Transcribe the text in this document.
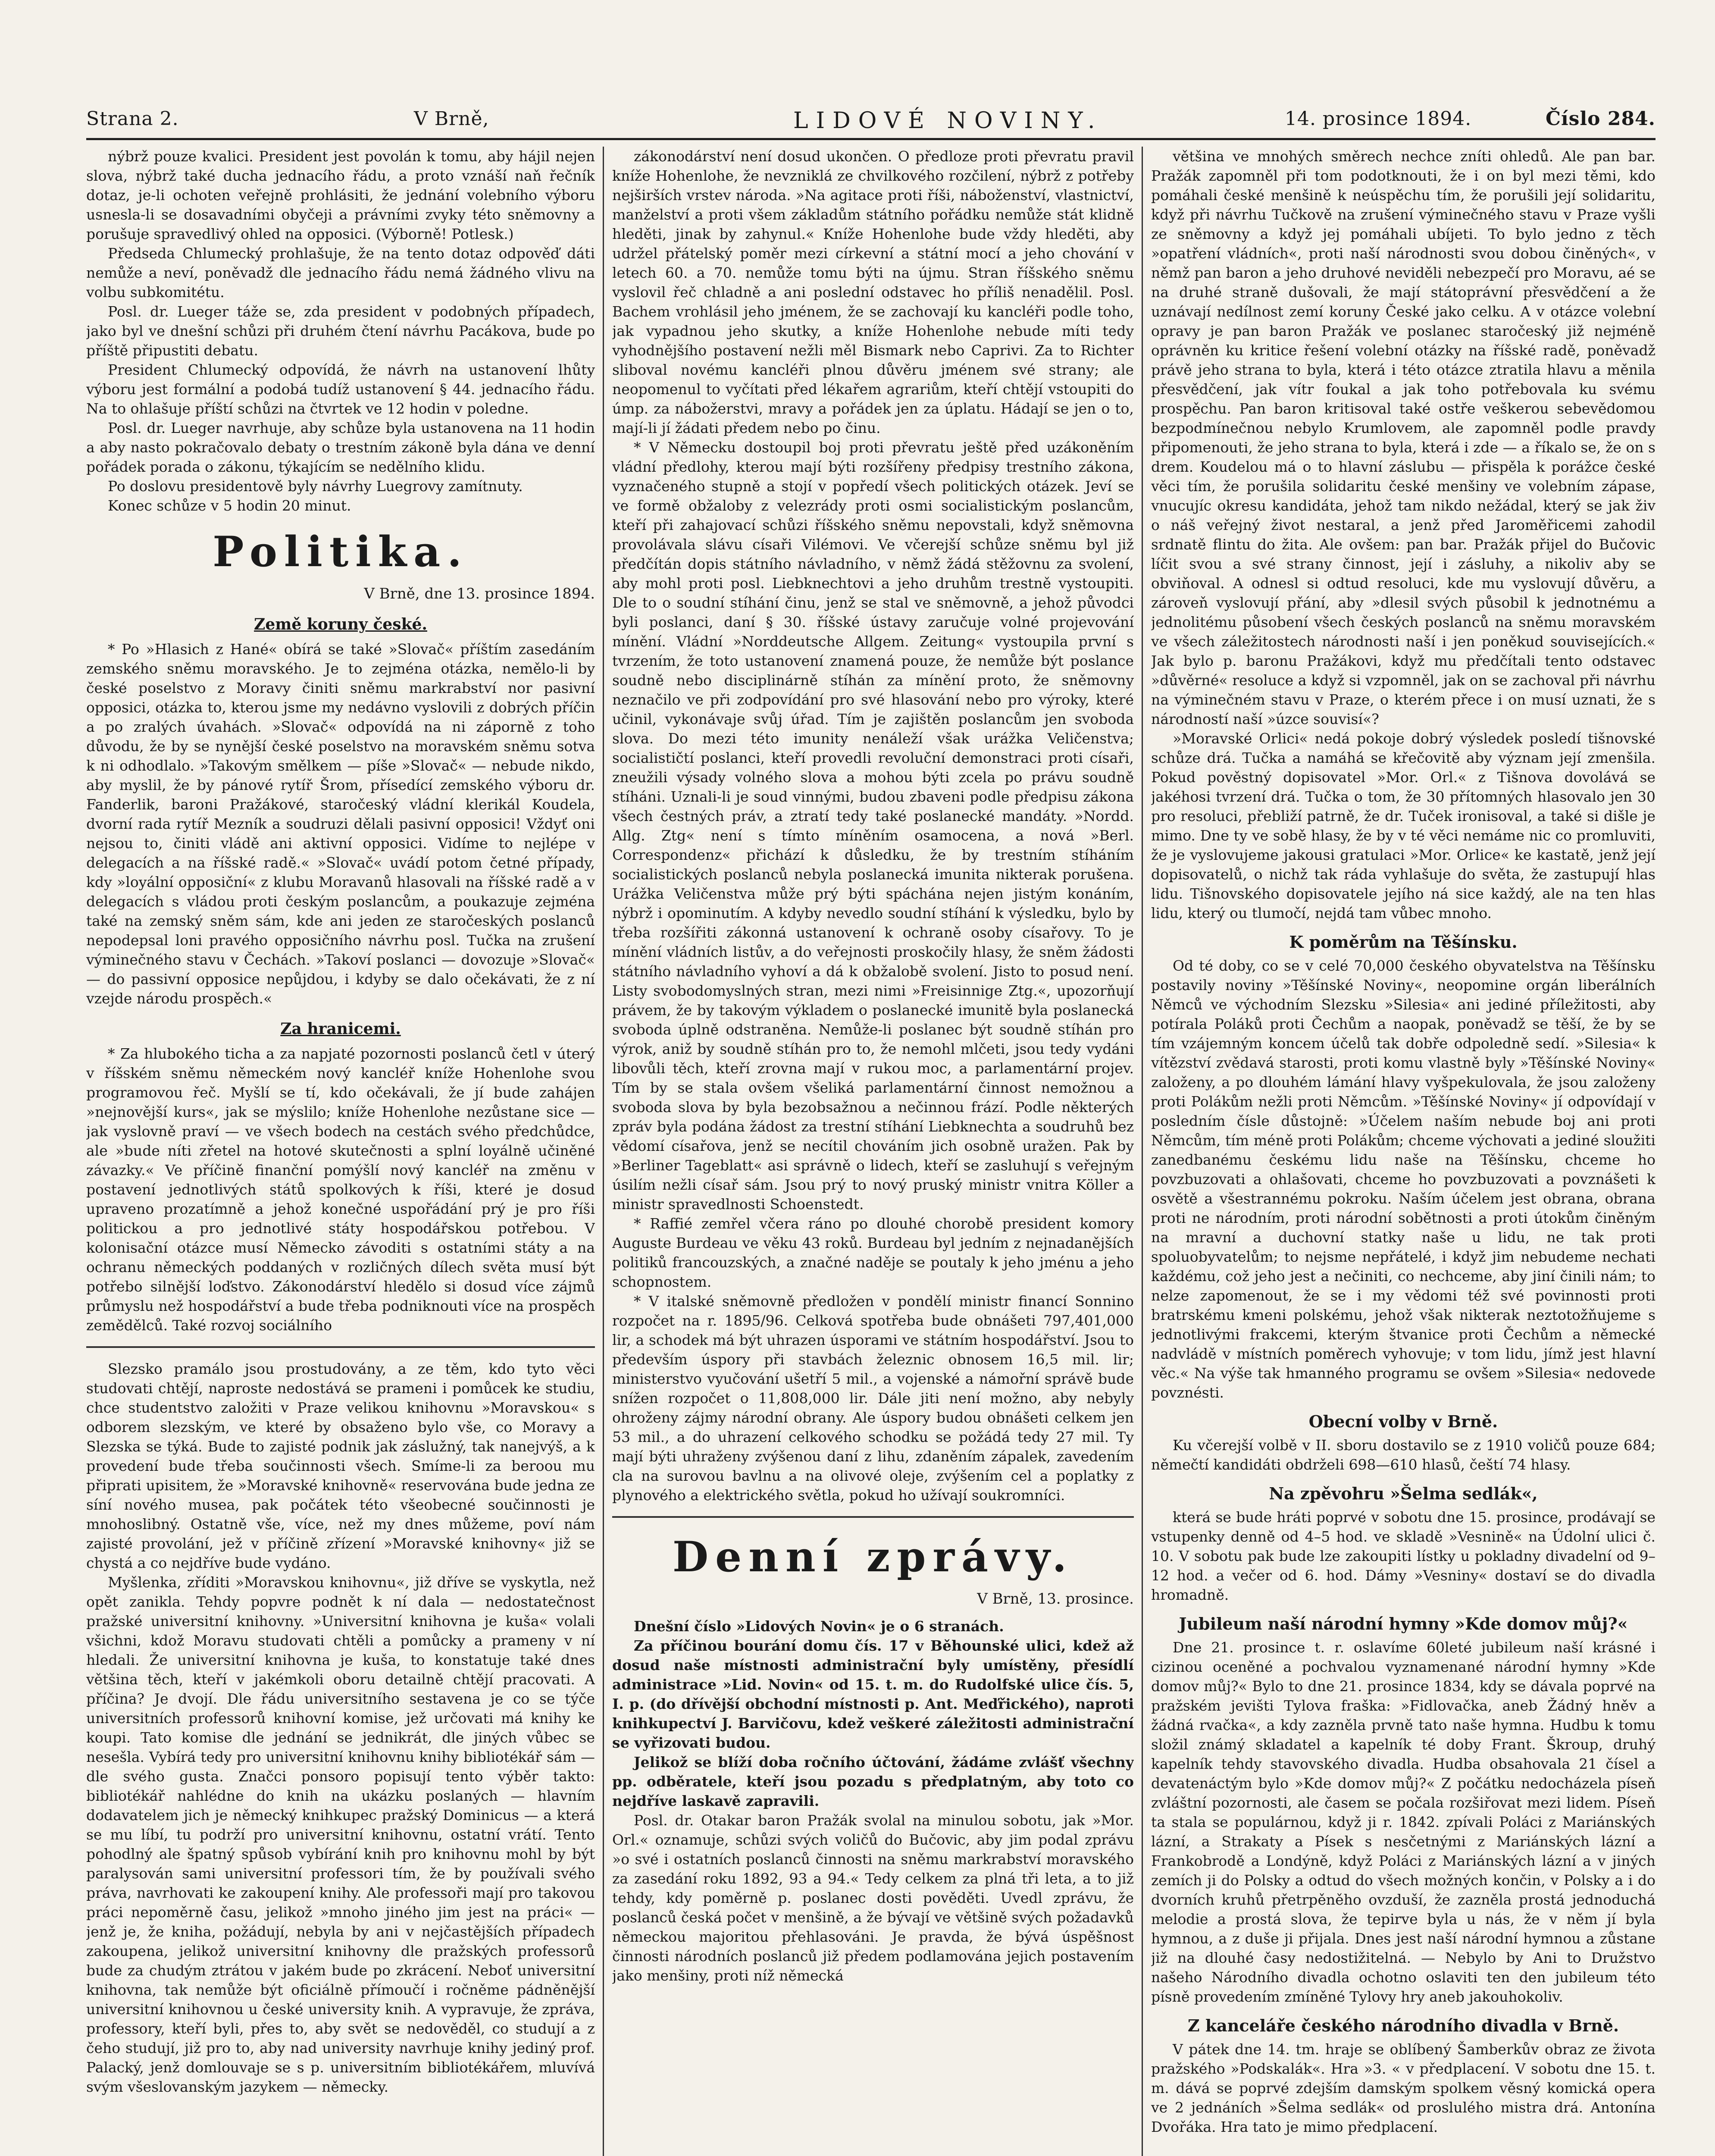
Strana 2.	V Brně,	LIDOVÉ NOVINY.	14. prosince 1894.	Číslo 284.

nýbrž pouze kvalici. President jest povolán k tomu, aby hájil nejen slova, nýbrž také ducha jednacího řádu, a proto vznáší naň řečník dotaz, je-li ochoten veřejně prohlásiti, že jednání volebního výboru usnesla-li se dosavadními obyčeji a právními zvyky této sněmovny a porušuje spravedlivý ohled na opposici. (Výborně! Potlesk.)

Předseda Chlumecký prohlašuje, že na tento dotaz odpověď dáti nemůže a neví, poněvadž dle jednacího řádu nemá žádného vlivu na volbu subkomitétu.

Posl. dr. Lueger táže se, zda president v podobných případech, jako byl ve dnešní schůzi při druhém čtení návrhu Pacákova, bude po příště připustiti debatu.

President Chlumecký odpovídá, že návrh na ustanovení lhůty výboru jest formální a podobá tudíž ustanovení § 44. jednacího řádu. Na to ohlašuje příští schůzi na čtvrtek ve 12 hodin v poledne.

Posl. dr. Lueger navrhuje, aby schůze byla ustanovena na 11 hodin a aby nasto pokračovalo debaty o trestním zákoně byla dána ve denní pořádek porada o zákonu, týkajícím se nedělního klidu.

Po doslovu presidentově byly návrhy Luegrovy zamítnuty.

Konec schůze v 5 hodin 20 minut.

Politika.
V Brně, dne 13. prosince 1894.
Země koruny české.

* Po »Hlasich z Hané« obírá se také »Slovač« příštím zasedáním zemského sněmu moravského. Je to zejména otázka, nemělo-li by české poselstvo z Moravy činiti sněmu markrabství nor pasivní opposici, otázka to, kterou jsme my nedávno vyslovili z dobrých příčin a po zralých úvahách. »Slovač« odpovídá na ni záporně z toho důvodu, že by se nynější české poselstvo na moravském sněmu sotva k ni odhodlalo. »Takovým smělkem — píše »Slovač« — nebude nikdo, aby myslil, že by pánové rytíř Šrom, přísedící zemského výboru dr. Fanderlik, baroni Pražákové, staročeský vládní klerikál Koudela, dvorní rada rytíř Mezník a soudruzi dělali pasivní opposici! Vždyť oni nejsou to, činiti vládě ani aktivní opposici. Vidíme to nejlépe v delegacích a na říšské radě.« »Slovač« uvádí potom četné případy, kdy »loyální opposiční« z klubu Moravanů hlasovali na říšské radě a v delegacích s vládou proti českým poslancům, a poukazuje zejména také na zemský sněm sám, kde ani jeden ze staročeských poslanců nepodepsal loni pravého opposičního návrhu posl. Tučka na zrušení výminečného stavu v Čechách. »Takoví poslanci — dovozuje »Slovač« — do passivní opposice nepůjdou, i kdyby se dalo očekávati, že z ní vzejde národu prospěch.«

Za hranicemi.

* Za hlubokého ticha a za napjaté pozornosti poslanců četl v úterý v říšském sněmu německém nový kancléř kníže Hohenlohe svou programovou řeč. Myšlí se tí, kdo očekávali, že jí bude zahájen »nejnovější kurs«, jak se mýslilo; kníže Hohenlohe nezůstane sice — jak vyslovně praví — ve všech bodech na cestách svého předchůdce, ale »bude níti zřetel na hotové skutečnosti a splní loyálně učiněné závazky.« Ve příčině finanční pomýšlí nový kancléř na změnu v postavení jednotlivých států spolkových k říši, které je dosud upraveno prozatímně a jehož konečné uspořádání prý je pro říši politickou a pro jednotlivé státy hospodářskou potřebou. V kolonisační otázce musí Německo závoditi s ostatními státy a na ochranu německých poddaných v rozličných dílech světa musí být potřebo silnější loďstvo. Zákonodárství hledělo si dosud více zájmů průmyslu než hospodářství a bude třeba podniknouti více na prospěch zemědělců. Také rozvoj sociálního

Slezsko pramálo jsou prostudovány, a ze těm, kdo tyto věci studovati chtějí, naproste nedostává se prameni i pomůcek ke studiu, chce studentstvo založiti v Praze velikou knihovnu »Moravskou« s odborem slezským, ve které by obsaženo bylo vše, co Moravy a Slezska se týká. Bude to zajisté podnik jak záslužný, tak nanejvýš, a k provedení bude třeba součinnosti všech. Smíme-li za beroou mu připrati upisitem, že »Moravské knihovně« reservována bude jedna ze síní nového musea, pak počátek této všeobecné součinnosti je mnohoslibný. Ostatně vše, více, než my dnes můžeme, poví nám zajisté provolání, jež v příčině zřízení »Moravské knihovny« již se chystá a co nejdříve bude vydáno.

Myšlenka, zříditi »Moravskou knihovnu«, již dříve se vyskytla, než opět zanikla. Tehdy popvre podnět k ní dala — nedostatečnost pražské universitní knihovny. »Universitní knihovna je kuša« volali všichni, kdož Moravu studovati chtěli a pomůcky a prameny v ní hledali. Že universitní knihovna je kuša, to konstatuje také dnes většina těch, kteří v jakémkoli oboru detailně chtějí pracovati. A příčina? Je dvojí. Dle řádu universitního sestavena je co se týče universitních professorů knihovní komise, jež určovati má knihy ke koupi. Tato komise dle jednání se jednikrát, dle jiných vůbec se nesešla. Vybírá tedy pro universitní knihovnu knihy bibliotékář sám — dle svého gusta. Značci ponsoro popisují tento výběr takto: bibliotékář nahlédne do knih na ukázku poslaných — hlavním dodavatelem jich je německý knihkupec pražský Dominicus — a která se mu líbí, tu podrží pro universitní knihovnu, ostatní vrátí. Tento pohodlný ale špatný spůsob vybírání knih pro knihovnu mohl by být paralysován sami universitní professori tím, že by používali svého práva, navrhovati ke zakoupení knihy. Ale professoři mají pro takovou práci nepoměrně času, jelikož »mnoho jiného jim jest na práci« — jenž je, že kniha, požádují, nebyla by ani v nejčastějších případech zakoupena, jelikož universitní knihovny dle pražských professorů bude za chudým ztrátou v jakém bude po zkrácení. Neboť universitní knihovna, tak nemůže být oficiálně přímoučí i ročněme pádněnější universitní knihovnou u české university knih. A vypravuje, že zpráva, professory, kteří byli, přes to, aby svět se nedověděl, co studují a z čeho studují, již pro to, aby nad university navrhuje knihy jediný prof. Palacký, jenž domlouvaje se s p. universitním bibliotékářem, mluvívá svým všeslovanským jazykem — německy.

zákonodárství není dosud ukončen. O předloze proti převratu pravil kníže Hohenlohe, že nevzniklá ze chvilkového rozčilení, nýbrž z potřeby nejširších vrstev národa. »Na agitace proti říši, náboženství, vlastnictví, manželství a proti všem základům státního pořádku nemůže stát klidně hleděti, jinak by zahynul.« Kníže Hohenlohe bude vždy hleděti, aby udržel přátelský poměr mezi církevní a státní mocí a jeho chování v letech 60. a 70. nemůže tomu býti na újmu. Stran říšského sněmu vyslovil řeč chladně a ani poslední odstavec ho příliš nenadělil. Posl. Bachem vrohlásil jeho jménem, že se zachovají ku kancléři podle toho, jak vypadnou jeho skutky, a kníže Hohenlohe nebude míti tedy vyhodnějšího postavení nežli měl Bismark nebo Caprivi. Za to Richter sliboval novému kancléři plnou důvěru jménem své strany; ale neopomenul to vyčítati před lékařem agrariům, kteří chtějí vstoupiti do úmp. za nábožerstvi, mravy a pořádek jen za úplatu. Hádají se jen o to, mají-li jí žádati předem nebo po činu.

* V Německu dostoupil boj proti převratu ještě před uzákoněním vládní předlohy, kterou mají býti rozšířeny předpisy trestního zákona, vyznačeného stupně a stojí v popředí všech politických otázek. Jeví se ve formě obžaloby z velezrády proti osmi socialistickým poslancům, kteří při zahajovací schůzi říšského sněmu nepovstali, když sněmovna provolávala slávu císaři Vilémovi. Ve včerejší schůze sněmu byl již předčítán dopis státního návladního, v němž žádá stěžovnu za svolení, aby mohl proti posl. Liebknechtovi a jeho druhům trestně vystoupiti. Dle to o soudní stíhání činu, jenž se stal ve sněmovně, a jehož původci byli poslanci, daní § 30. říšské ústavy zaručuje volné projevování mínění. Vládní »Norddeutsche Allgem. Zeitung« vystoupila první s tvrzením, že toto ustanovení znamená pouze, že nemůže být poslance soudně nebo disciplinárně stíhán za mínění proto, že sněmovny neznačilo ve při zodpovídání pro své hlasování nebo pro výroky, které učinil, vykonávaje svůj úřad. Tím je zajištěn poslancům jen svoboda slova. Do mezi této imunity nenáleží však urážka Veličenstva; socialističtí poslanci, kteří provedli revoluční demonstraci proti císaři, zneužili výsady volného slova a mohou býti zcela po právu soudně stíháni. Uznali-li je soud vinnými, budou zbaveni podle předpisu zákona všech čestných práv, a ztratí tedy také poslanecké mandáty. »Nordd. Allg. Ztg« není s tímto míněním osamocena, a nová »Berl. Correspondenz« přichází k důsledku, že by trestním stíháním socialistických poslanců nebyla poslanecká imunita nikterak porušena. Urážka Veličenstva může prý býti spáchána nejen jistým konáním, nýbrž i opominutím. A kdyby nevedlo soudní stíhání k výsledku, bylo by třeba rozšířiti zákonná ustanovení k ochraně osoby císařovy. To je mínění vládních listův, a do veřejnosti proskočily hlasy, že sněm žádosti státního návladního vyhoví a dá k obžalobě svolení. Jisto to posud není. Listy svobodomyslných stran, mezi nimi »Freisinnige Ztg.«, upozorňují právem, že by takovým výkladem o poslanecké imunitě byla poslanecká svoboda úplně odstraněna. Nemůže-li poslanec být soudně stíhán pro výrok, aniž by soudně stíhán pro to, že nemohl mlčeti, jsou tedy vydáni libovůli těch, kteří zrovna mají v rukou moc, a parlamentární projev. Tím by se stala ovšem všeliká parlamentární činnost nemožnou a svoboda slova by byla bezobsažnou a nečinnou frází. Podle některých zpráv byla podána žádost za trestní stíhání Liebknechta a soudruhů bez vědomí císařova, jenž se necítil chováním jich osobně uražen. Pak by »Berliner Tageblatt« asi správně o lidech, kteří se zasluhují s veřejným úsilím nežli císař sám. Jsou prý to nový pruský ministr vnitra Köller a ministr spravedlnosti Schoenstedt.

* Raffié zemřel včera ráno po dlouhé chorobě president komory Auguste Burdeau ve věku 43 roků. Burdeau byl jedním z nejnadanějších politiků francouzských, a značné naděje se poutaly k jeho jménu a jeho schopnostem.

* V italské sněmovně předložen v pondělí ministr financí Sonnino rozpočet na r. 1895/96. Celková spotřeba bude obnášeti 797,401,000 lir, a schodek má být uhrazen úsporami ve státním hospodářství. Jsou to především úspory při stavbách železnic obnosem 16,5 mil. lir; ministerstvo vyučování ušetří 5 mil., a vojenské a námořní správě bude snížen rozpočet o 11,808,000 lir. Dále jiti není možno, aby nebyly ohroženy zájmy národní obrany. Ale úspory budou obnášeti celkem jen 53 mil., a do uhrazení celkového schodku se požádá tedy 27 mil. Ty mají býti uhraženy zvýšenou daní z lihu, zdaněním zápalek, zavedením cla na surovou bavlnu a na olivové oleje, zvýšením cel a poplatky z plynového a elektrického světla, pokud ho užívají soukromníci.

Denní zprávy.
V Brně, 13. prosince.

Dnešní číslo »Lidových Novin« je o 6 stranách.

Za příčinou bourání domu čís. 17 v Běhounské ulici, kdež až dosud naše místnosti administrační byly umístěny, přesídlí administrace »Lid. Novin« od 15. t. m. do Rudolfské ulice čís. 5, I. p. (do dřívější obchodní místnosti p. Ant. Meďřického), naproti knihkupectví J. Barvičovu, kdež veškeré záležitosti administrační se vyřizovati budou.

Jelikož se blíží doba ročního účtování, žádáme zvlášť všechny pp. odběratele, kteří jsou pozadu s předplatným, aby toto co nejdříve laskavě zapravili.

Posl. dr. Otakar baron Pražák svolal na minulou sobotu, jak »Mor. Orl.« oznamuje, schůzi svých voličů do Bučovic, aby jim podal zprávu »o své i ostatních poslanců činnosti na sněmu markrabství moravského za zasedání roku 1892, 93 a 94.« Tedy celkem za plná tři leta, a to již tehdy, kdy poměrně p. poslanec dosti pověděti. Uvedl zprávu, že poslanců česká počet v menšině, a že bývají ve většině svých požadavků německou majoritou přehlasováni. Je pravda, že bývá úspěšnost činnosti národních poslanců již předem podlamována jejich postavením jako menšiny, proti níž německá

většina ve mnohých směrech nechce zníti ohledů. Ale pan bar. Pražák zapomněl při tom podotknouti, že i on byl mezi těmi, kdo pomáhali české menšině k neúspěchu tím, že porušili její solidaritu, když při návrhu Tučkově na zrušení výminečného stavu v Praze vyšli ze sněmovny a když jej pomáhali ubíjeti. To bylo jedno z těch »opatření vládních«, proti naší národnosti svou dobou činěných«, v němž pan baron a jeho druhové neviděli nebezpečí pro Moravu, aé se na druhé straně dušovali, že mají státoprávní přesvědčení a že uznávají nedílnost zemí koruny České jako celku. A v otázce volební opravy je pan baron Pražák ve poslanec staročeský již nejméně oprávněn ku kritice řešení volební otázky na říšské radě, poněvadž právě jeho strana to byla, která i této otázce ztratila hlavu a měnila přesvědčení, jak vítr foukal a jak toho potřebovala ku svému prospěchu. Pan baron kritisoval také ostře veškerou sebevědomou bezpodmínečnou nebylo Krumlovem, ale zapomněl podle pravdy připomenouti, že jeho strana to byla, která i zde — a říkalo se, že on s drem. Koudelou má o to hlavní záslubu — přispěla k porážce české věci tím, že porušila solidaritu české menšiny ve volebním zápase, vnucujíc okresu kandidáta, jehož tam nikdo nežádal, který se jak živ o náš veřejný život nestaral, a jenž před Jaroměřicemi zahodil srdnatě flintu do žita. Ale ovšem: pan bar. Pražák přijel do Bučovic líčit svou a své strany činnost, její i zásluhy, a nikoliv aby se obviňoval. A odnesl si odtud resoluci, kde mu vyslovují důvěru, a zároveň vyslovují přání, aby »dlesil svých působil k jednotnému a jednolitému působení všech českých poslanců na sněmu moravském ve všech záležitostech národnosti naší i jen poněkud souvisejících.« Jak bylo p. baronu Pražákovi, když mu předčítali tento odstavec »důvěrné« resoluce a když si vzpomněl, jak on se zachoval při návrhu na výminečném stavu v Praze, o kterém přece i on musí uznati, že s národností naší »úzce souvisí«?

»Moravské Orlici« nedá pokoje dobrý výsledek posledí tišnovské schůze drá. Tučka a namáhá se křečovitě aby význam její zmenšila. Pokud pověstný dopisovatel »Mor. Orl.« z Tišnova dovolává se jakéhosi tvrzení drá. Tučka o tom, že 30 přítomných hlasovalo jen 30 pro resoluci, přebliží patrně, že dr. Tuček ironisoval, a také si dišle je mimo. Dne ty ve sobě hlasy, že by v té věci nemáme nic co promluviti, že je vyslovujeme jakousi gratulaci »Mor. Orlice« ke kastatě, jenž její dopisovatelů, o nichž tak ráda vyhlašuje do světa, že zastupují hlas lidu. Tišnovského dopisovatele jejího ná sice každý, ale na ten hlas lidu, který ou tlumočí, nejdá tam vůbec mnoho.

K poměrům na Těšínsku.

Od té doby, co se v celé 70,000 českého obyvatelstva na Těšínsku postavily noviny »Těšínské Noviny«, neopomine orgán liberálních Němců ve východním Slezsku »Silesia« ani jediné příležitosti, aby potírala Poláků proti Čechům a naopak, poněvadž se těší, že by se tím vzájemným koncem účelů tak dobře odpoledně sedí. »Silesia« k vítězství zvědavá starosti, proti komu vlastně byly »Těšínské Noviny« založeny, a po dlouhém lámání hlavy vyšpekulovala, že jsou založeny proti Polákům nežli proti Němcům. »Těšínské Noviny« jí odpovídají v posledním čísle důstojně: »Účelem naším nebude boj ani proti Němcům, tím méně proti Polákům; chceme výchovati a jediné sloužiti zanedbanému českému lidu naše na Těšínsku, chceme ho povzbuzovati a ohlašovati, chceme ho povzbuzovati a povznášeti k osvětě a všestrannému pokroku. Naším účelem jest obrana, obrana proti ne národním, proti národní sobětnosti a proti útokům činěným na mravní a duchovní statky naše u lidu, ne tak proti spoluobyvatelům; to nejsme nepřátelé, i když jim nebudeme nechati každému, což jeho jest a nečiniti, co nechceme, aby jiní činili nám; to nelze zapomenout, že se i my vědomi též své povinnosti proti bratrskému kmeni polskému, jehož však nikterak neztotožňujeme s jednotlivými frakcemi, kterým štvanice proti Čechům a německé nadvládě v místních poměrech vyhovuje; v tom lidu, jímž jest hlavní věc.« Na výše tak hmanného programu se ovšem »Silesia« nedovede povznésti.

Obecní volby v Brně.

Ku včerejší volbě v II. sboru dostavilo se z 1910 voličů pouze 684; němečtí kandidáti obdrželi 698—610 hlasů, čeští 74 hlasy.

Na zpěvohru »Šelma sedlák«,

která se bude hráti poprvé v sobotu dne 15. prosince, prodávají se vstupenky denně od 4–5 hod. ve skladě »Vesnině« na Údolní ulici č. 10. V sobotu pak bude lze zakoupiti lístky u pokladny divadelní od 9–12 hod. a večer od 6. hod. Dámy »Vesniny« dostaví se do divadla hromadně.

Jubileum naší národní hymny »Kde domov můj?«

Dne 21. prosince t. r. oslavíme 60leté jubileum naší krásné i cizinou oceněné a pochvalou vyznamenané národní hymny »Kde domov můj?« Bylo to dne 21. prosince 1834, kdy se dávala poprvé na pražském jevišti Tylova fraška: »Fidlovačka, aneb Žádný hněv a žádná rvačka«, a kdy zazněla prvně tato naše hymna. Hudbu k tomu složil známý skladatel a kapelník té doby Frant. Škroup, druhý kapelník tehdy stavovského divadla. Hudba obsahovala 21 čísel a devatenáctým bylo »Kde domov můj?« Z počátku nedocházela píseň zvláštní pozornosti, ale časem se počala rozšiřovat mezi lidem. Píseň ta stala se populárnou, když ji r. 1842. zpívali Poláci z Mariánských lázní, a Strakaty a Písek s nesčetnými z Mariánských lázní a Frankobrodě a Londýně, když Poláci z Mariánských lázní a v jiných zemích ji do Polsky a odtud do všech možných končin, v Polsky a i do dvorních kruhů přetrpěněho ovzduší, že zazněla prostá jednoduchá melodie a prostá slova, že tepirve byla u nás, že v něm jí byla hymnou, a z duše ji přijala. Dnes jest naší národní hymnou a zůstane již na dlouhé časy nedostižitelná. — Nebylo by Ani to Družstvo našeho Národního divadla ochotno oslaviti ten den jubileum této písně provedením zmíněné Tylovy hry aneb jakouhokoliv.

Z kanceláře českého národního divadla v Brně.

V pátek dne 14. tm. hraje se oblíbený Šamberkův obraz ze života pražského »Podskalák«. Hra »3. « v předplacení. V sobotu dne 15. t. m. dává se poprvé zdejším damským spolkem věsný komická opera ve 2 jednáních »Šelma sedlák« od proslulého mistra drá. Antonína Dvořáka. Hra tato je mimo předplacení.
